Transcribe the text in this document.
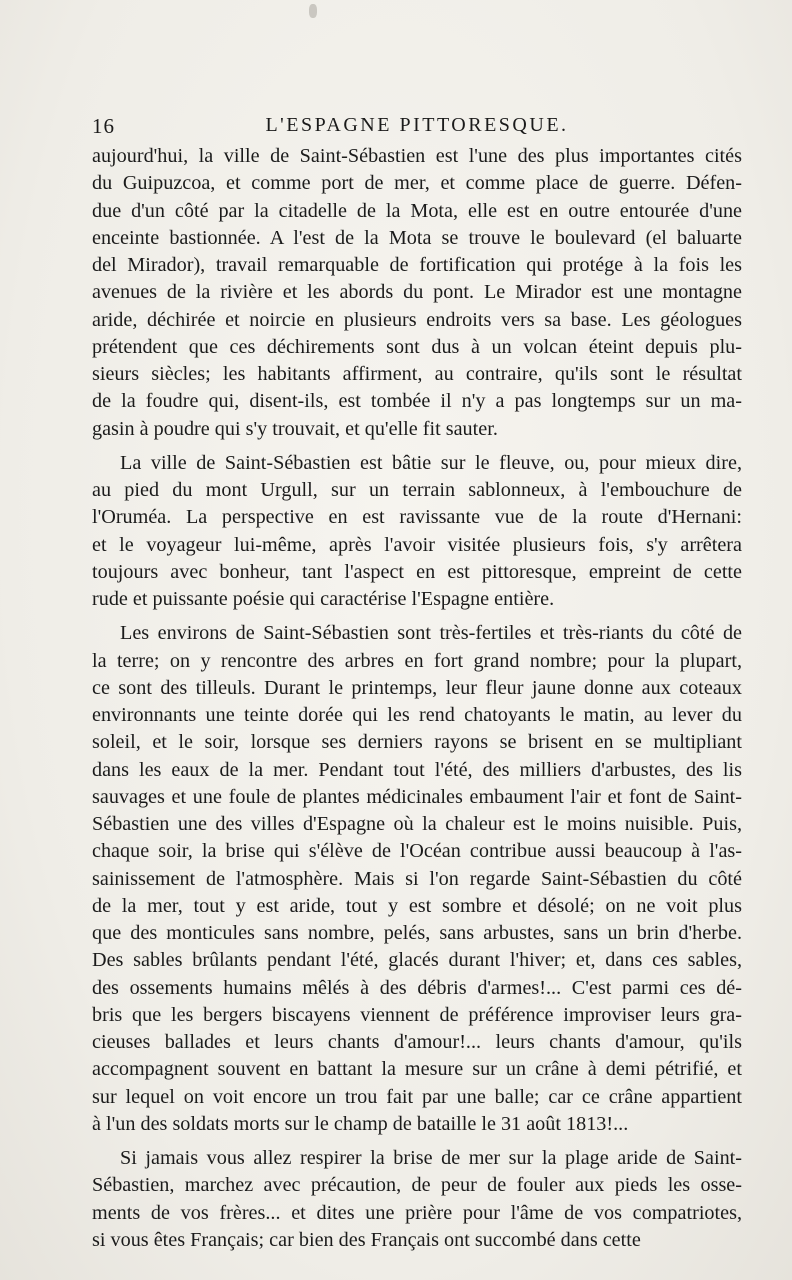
16	L'ESPAGNE PITTORESQUE.
aujourd'hui, la ville de Saint-Sébastien est l'une des plus importantes cités
du Guipuzcoa, et comme port de mer, et comme place de guerre. Défen-
due d'un côté par la citadelle de la Mota, elle est en outre entourée d'une
enceinte bastionnée. A l'est de la Mota se trouve le boulevard (el baluarte
del Mirador), travail remarquable de fortification qui protége à la fois les
avenues de la rivière et les abords du pont. Le Mirador est une montagne
aride, déchirée et noircie en plusieurs endroits vers sa base. Les géologues
prétendent que ces déchirements sont dus à un volcan éteint depuis plu-
sieurs siècles; les habitants affirment, au contraire, qu'ils sont le résultat
de la foudre qui, disent-ils, est tombée il n'y a pas longtemps sur un ma-
gasin à poudre qui s'y trouvait, et qu'elle fit sauter.
La ville de Saint-Sébastien est bâtie sur le fleuve, ou, pour mieux dire,
au pied du mont Urgull, sur un terrain sablonneux, à l'embouchure de
l'Oruméa. La perspective en est ravissante vue de la route d'Hernani:
et le voyageur lui-même, après l'avoir visitée plusieurs fois, s'y arrêtera
toujours avec bonheur, tant l'aspect en est pittoresque, empreint de cette
rude et puissante poésie qui caractérise l'Espagne entière.
Les environs de Saint-Sébastien sont très-fertiles et très-riants du côté de
la terre; on y rencontre des arbres en fort grand nombre; pour la plupart,
ce sont des tilleuls. Durant le printemps, leur fleur jaune donne aux coteaux
environnants une teinte dorée qui les rend chatoyants le matin, au lever du
soleil, et le soir, lorsque ses derniers rayons se brisent en se multipliant
dans les eaux de la mer. Pendant tout l'été, des milliers d'arbustes, des lis
sauvages et une foule de plantes médicinales embaument l'air et font de Saint-
Sébastien une des villes d'Espagne où la chaleur est le moins nuisible. Puis,
chaque soir, la brise qui s'élève de l'Océan contribue aussi beaucoup à l'as-
sainissement de l'atmosphère. Mais si l'on regarde Saint-Sébastien du côté
de la mer, tout y est aride, tout y est sombre et désolé; on ne voit plus
que des monticules sans nombre, pelés, sans arbustes, sans un brin d'herbe.
Des sables brûlants pendant l'été, glacés durant l'hiver; et, dans ces sables,
des ossements humains mêlés à des débris d'armes!... C'est parmi ces dé-
bris que les bergers biscayens viennent de préférence improviser leurs gra-
cieuses ballades et leurs chants d'amour!... leurs chants d'amour, qu'ils
accompagnent souvent en battant la mesure sur un crâne à demi pétrifié, et
sur lequel on voit encore un trou fait par une balle; car ce crâne appartient
à l'un des soldats morts sur le champ de bataille le 31 août 1813!...
Si jamais vous allez respirer la brise de mer sur la plage aride de Saint-
Sébastien, marchez avec précaution, de peur de fouler aux pieds les osse-
ments de vos frères... et dites une prière pour l'âme de vos compatriotes,
si vous êtes Français; car bien des Français ont succombé dans cette
